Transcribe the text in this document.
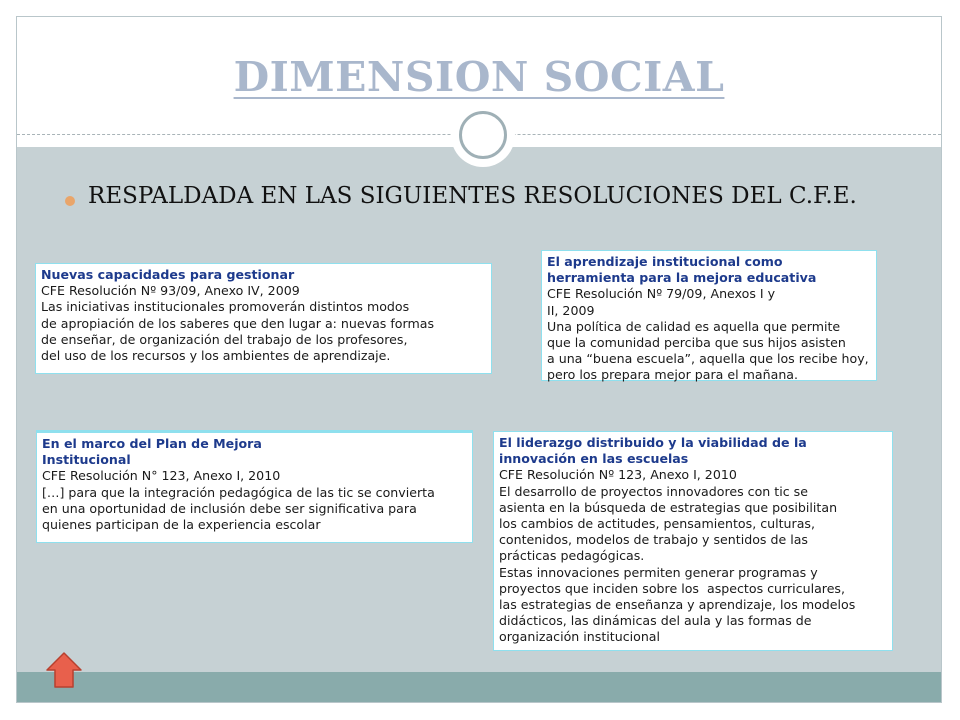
DIMENSION SOCIAL
RESPALDADA EN LAS SIGUIENTES RESOLUCIONES DEL C.F.E.
Nuevas capacidades para gestionar
CFE Resolución Nº 93/09, Anexo IV, 2009
Las iniciativas institucionales promoverán distintos modos
de apropiación de los saberes que den lugar a: nuevas formas
de enseñar, de organización del trabajo de los profesores,
del uso de los recursos y los ambientes de aprendizaje.
El aprendizaje institucional como
herramienta para la mejora educativa
CFE Resolución Nº 79/09, Anexos I y
II, 2009
Una política de calidad es aquella que permite
que la comunidad perciba que sus hijos asisten
a una “buena escuela”, aquella que los recibe hoy,
pero los prepara mejor para el mañana.
En el marco del Plan de Mejora
Institucional
CFE Resolución N° 123, Anexo I, 2010
[…] para que la integración pedagógica de las tic se convierta
en una oportunidad de inclusión debe ser significativa para
quienes participan de la experiencia escolar
El liderazgo distribuido y la viabilidad de la
innovación en las escuelas
CFE Resolución Nº 123, Anexo I, 2010
El desarrollo de proyectos innovadores con tic se
asienta en la búsqueda de estrategias que posibilitan
los cambios de actitudes, pensamientos, culturas,
contenidos, modelos de trabajo y sentidos de las
prácticas pedagógicas.
Estas innovaciones permiten generar programas y
proyectos que inciden sobre los  aspectos curriculares,
las estrategias de enseñanza y aprendizaje, los modelos
didácticos, las dinámicas del aula y las formas de
organización institucional
